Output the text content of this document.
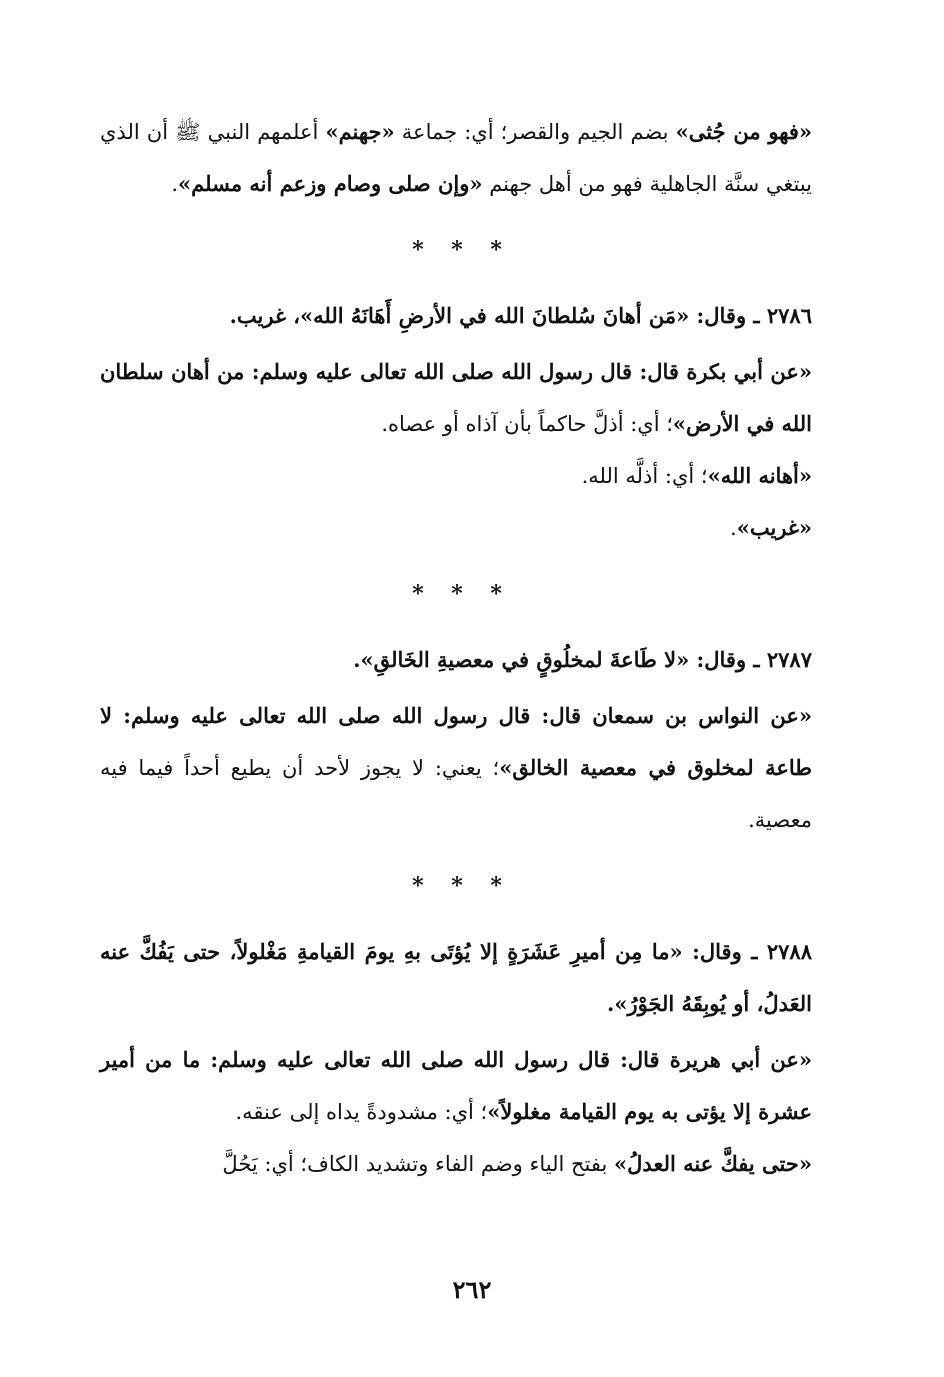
«فهو من جُثى» بضم الجيم والقصر؛ أي: جماعة «جهنم» أعلمهم النبي ﷺ أن الذي يبتغي سنَّة الجاهلية فهو من أهل جهنم «وإن صلى وصام وزعم أنه مسلم».

* * *

٢٧٨٦ ـ وقال: «مَن أهانَ سُلطانَ الله في الأرضِ أَهَانَهُ الله»، غريب.

«عن أبي بكرة قال: قال رسول الله صلى الله تعالى عليه وسلم: من أهان سلطان الله في الأرض»؛ أي: أذلَّ حاكماً بأن آذاه أو عصاه.

«أهانه الله»؛ أي: أذلَّه الله.

«غريب».

* * *

٢٧٨٧ ـ وقال: «لا طَاعةَ لمخلُوقٍ في معصيةِ الخَالقِ».

«عن النواس بن سمعان قال: قال رسول الله صلى الله تعالى عليه وسلم: لا طاعة لمخلوق في معصية الخالق»؛ يعني: لا يجوز لأحد أن يطيع أحداً فيما فيه معصية.

* * *

٢٧٨٨ ـ وقال: «ما مِن أميرِ عَشَرَةٍ إلا يُؤتَى بهِ يومَ القيامةِ مَغْلولاً، حتى يَفُكَّ عنه العَدلُ، أو يُوبِقَهُ الجَوْرُ».

«عن أبي هريرة قال: قال رسول الله صلى الله تعالى عليه وسلم: ما من أمير عشرة إلا يؤتى به يوم القيامة مغلولاً»؛ أي: مشدودةً يداه إلى عنقه.

«حتى يفكَّ عنه العدلُ» بفتح الياء وضم الفاء وتشديد الكاف؛ أي: يَحُلَّ

٢٦٢
